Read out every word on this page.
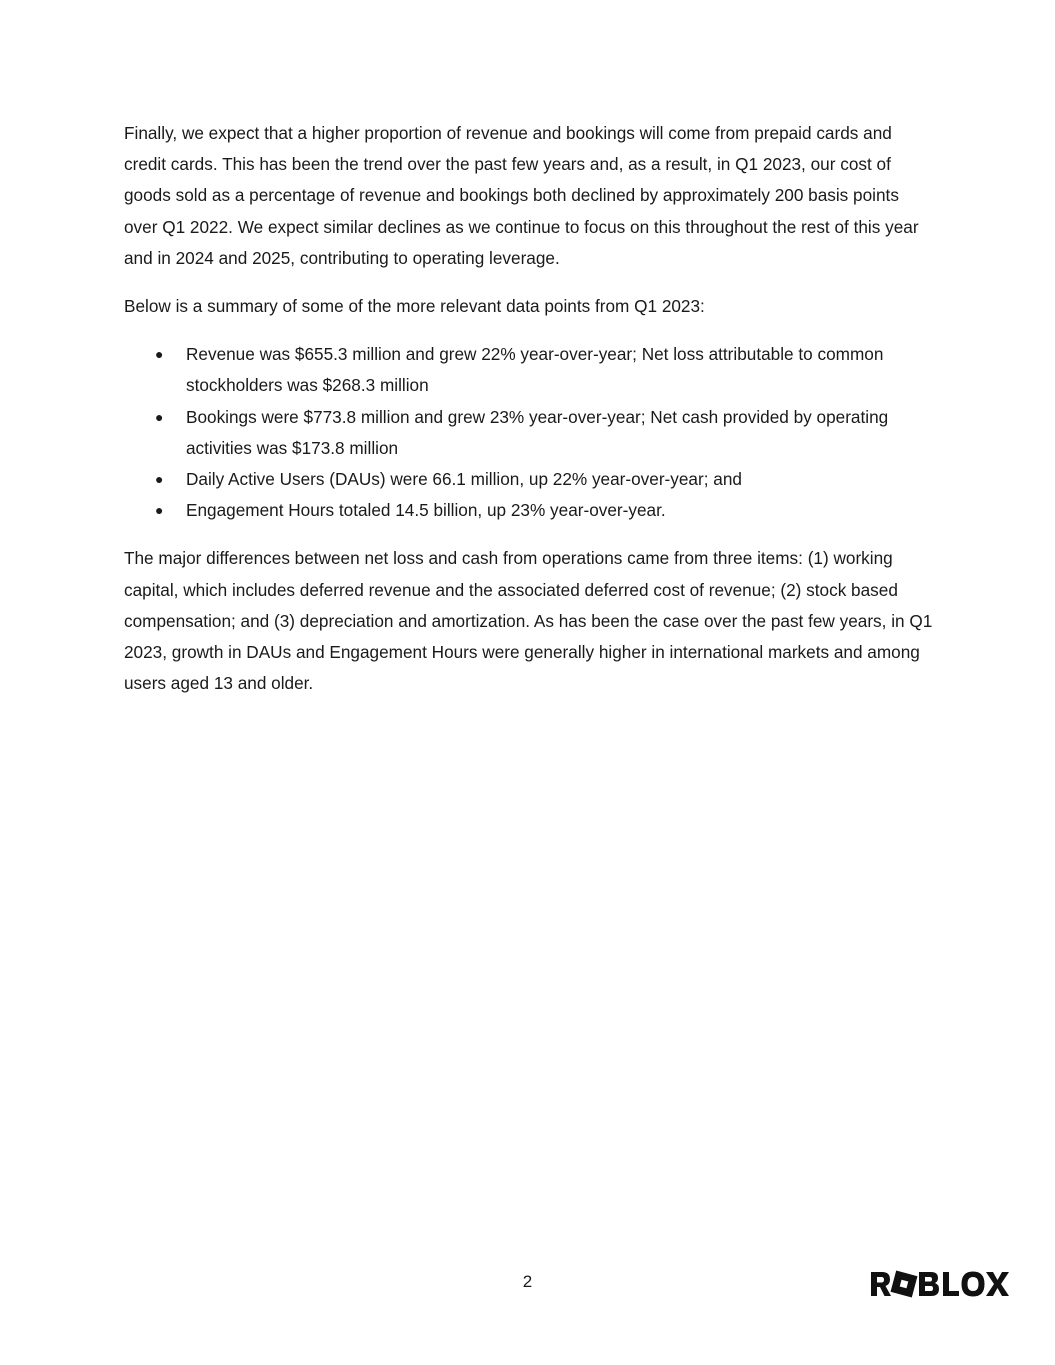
Finally, we expect that a higher proportion of revenue and bookings will come from prepaid cards and credit cards. This has been the trend over the past few years and, as a result, in Q1 2023, our cost of goods sold as a percentage of revenue and bookings both declined by approximately 200 basis points over Q1 2022. We expect similar declines as we continue to focus on this throughout the rest of this year and in 2024 and 2025, contributing to operating leverage.

Below is a summary of some of the more relevant data points from Q1 2023:

● Revenue was $655.3 million and grew 22% year-over-year; Net loss attributable to common stockholders was $268.3 million
● Bookings were $773.8 million and grew 23% year-over-year; Net cash provided by operating activities was $173.8 million
● Daily Active Users (DAUs) were 66.1 million, up 22% year-over-year; and
● Engagement Hours totaled 14.5 billion, up 23% year-over-year.

The major differences between net loss and cash from operations came from three items: (1) working capital, which includes deferred revenue and the associated deferred cost of revenue; (2) stock based compensation; and (3) depreciation and amortization. As has been the case over the past few years, in Q1 2023, growth in DAUs and Engagement Hours were generally higher in international markets and among users aged 13 and older.

2
